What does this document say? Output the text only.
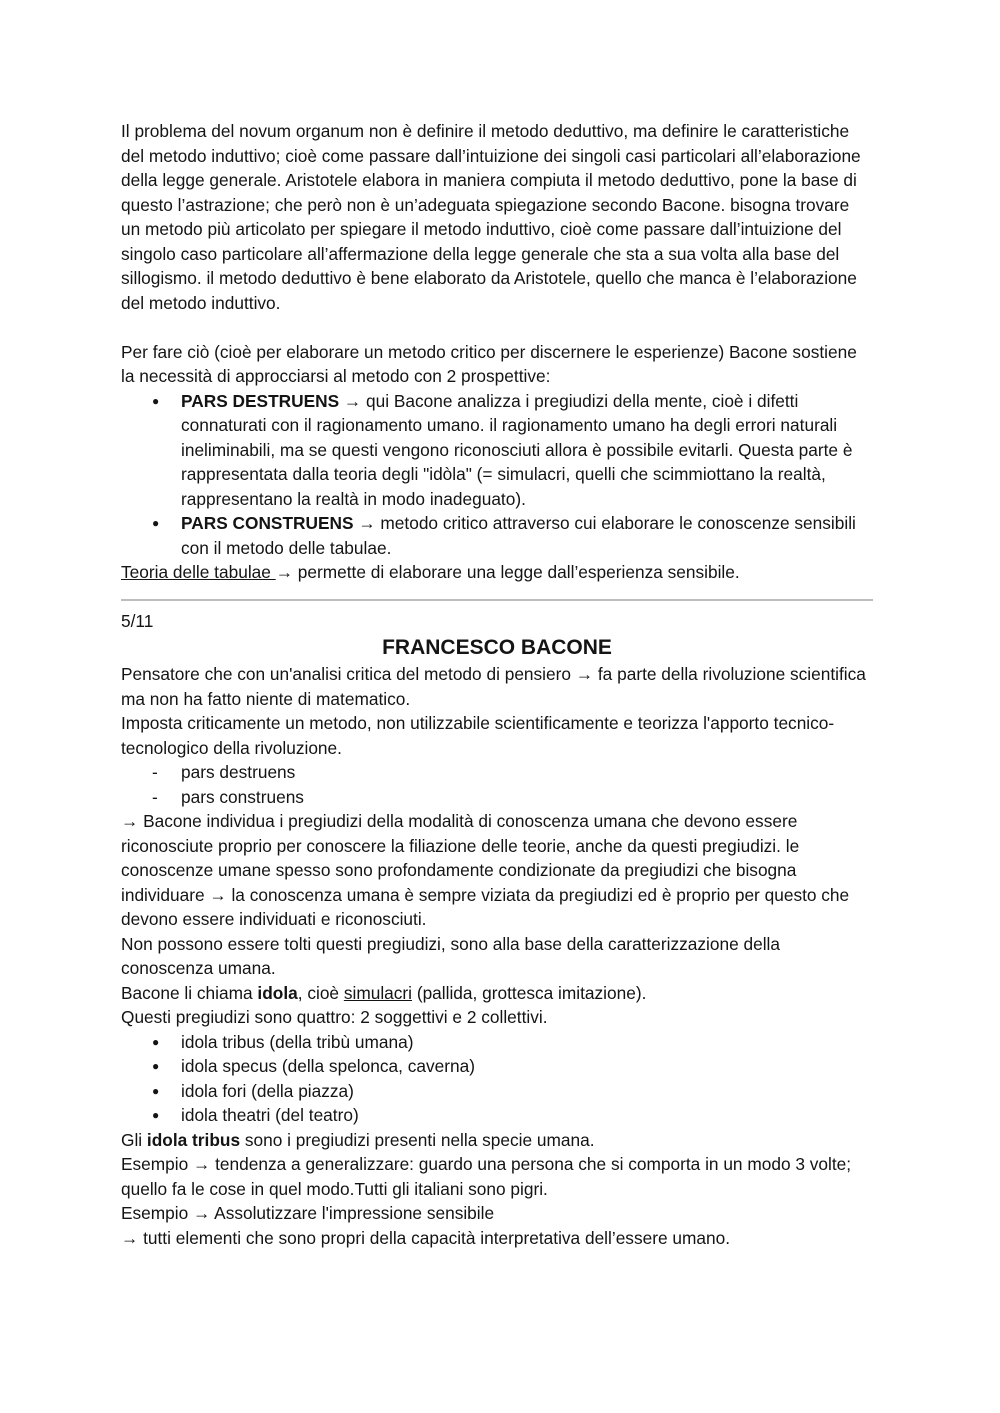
Il problema del novum organum non è definire il metodo deduttivo, ma definire le caratteristiche del metodo induttivo; cioè come passare dall’intuizione dei singoli casi particolari all’elaborazione della legge generale. Aristotele elabora in maniera compiuta il metodo deduttivo, pone la base di questo l’astrazione; che però non è un’adeguata spiegazione secondo Bacone. bisogna trovare un metodo più articolato per spiegare il metodo induttivo, cioè come passare dall’intuizione del singolo caso particolare all’affermazione della legge generale che sta a sua volta alla base del sillogismo. il metodo deduttivo è bene elaborato da Aristotele, quello che manca è l’elaborazione del metodo induttivo.

Per fare ciò (cioè per elaborare un metodo critico per discernere le esperienze) Bacone sostiene la necessità di approcciarsi al metodo con 2 prospettive:

● PARS DESTRUENS → qui Bacone analizza i pregiudizi della mente, cioè i difetti connaturati con il ragionamento umano. il ragionamento umano ha degli errori naturali ineliminabili, ma se questi vengono riconosciuti allora è possibile evitarli. Questa parte è rappresentata dalla teoria degli "idòla" (= simulacri, quelli che scimmiottano la realtà, rappresentano la realtà in modo inadeguato).
● PARS CONSTRUENS → metodo critico attraverso cui elaborare le conoscenze sensibili con il metodo delle tabulae.

Teoria delle tabulae → permette di elaborare una legge dall’esperienza sensibile.

5/11

FRANCESCO BACONE

Pensatore che con un'analisi critica del metodo di pensiero → fa parte della rivoluzione scientifica ma non ha fatto niente di matematico.

Imposta criticamente un metodo, non utilizzabile scientificamente e teorizza l'apporto tecnico-tecnologico della rivoluzione.

- pars destruens
- pars construens

→ Bacone individua i pregiudizi della modalità di conoscenza umana che devono essere riconosciute proprio per conoscere la filiazione delle teorie, anche da questi pregiudizi. le conoscenze umane spesso sono profondamente condizionate da pregiudizi che bisogna individuare → la conoscenza umana è sempre viziata da pregiudizi ed è proprio per questo che devono essere individuati e riconosciuti.

Non possono essere tolti questi pregiudizi, sono alla base della caratterizzazione della conoscenza umana.

Bacone li chiama idola, cioè simulacri (pallida, grottesca imitazione).

Questi pregiudizi sono quattro: 2 soggettivi e 2 collettivi.

● idola tribus (della tribù umana)
● idola specus (della spelonca, caverna)
● idola fori (della piazza)
● idola theatri (del teatro)

Gli idola tribus sono i pregiudizi presenti nella specie umana.

Esempio → tendenza a generalizzare: guardo una persona che si comporta in un modo 3 volte; quello fa le cose in quel modo.Tutti gli italiani sono pigri.

Esempio → Assolutizzare l'impressione sensibile

→ tutti elementi che sono propri della capacità interpretativa dell’essere umano.
